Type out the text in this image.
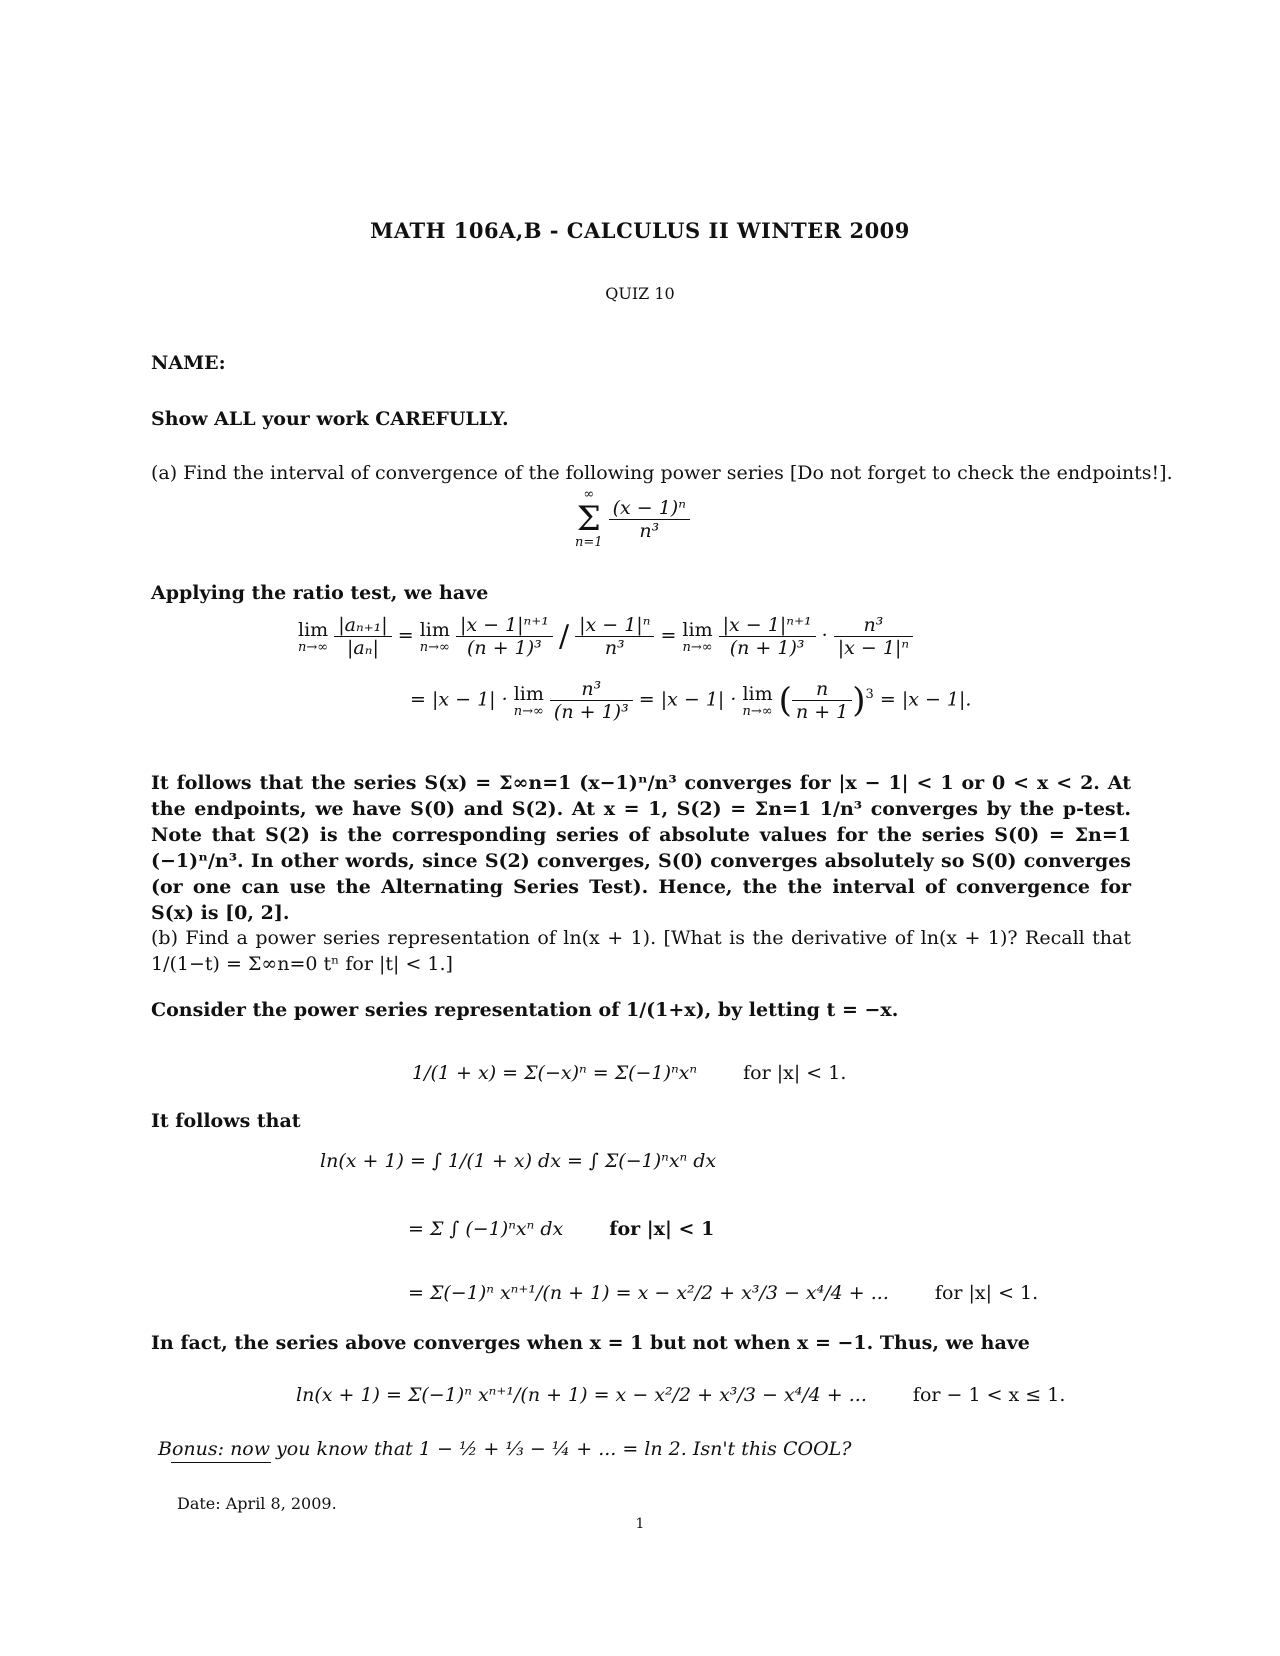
MATH 106A,B - CALCULUS II WINTER 2009
QUIZ 10
NAME:
Show ALL your work CAREFULLY.
(a) Find the interval of convergence of the following power series [Do not forget to check the endpoints!].
∞
Σ
n=1

$\frac{\text{(x − 1)ⁿ}}{\text{n³}}$
Applying the ratio test, we have
lim
n→∞
$\frac{\text{|aₙ₊₁|}}{\text{|aₙ|}} = \lim$
n→∞
$\frac{\text{|x − 1|ⁿ⁺¹}}{\text{(n + 1)³}} / \frac{\text{|x − 1|ⁿ}}{\text{n³}} = \lim$
n→∞
$\frac{\text{|x − 1|ⁿ⁺¹}}{\text{(n + 1)³}} \cdot \frac{\text{n³}}{\text{|x − 1|ⁿ}}$
= |x − 1| · lim
n→∞
$\frac{\text{n³}}{\text{(n + 1)³}} = |x - 1| \cdot \lim$
n→∞ ( $\frac{n}{n + 1} )^3 = |x - 1|$.
It follows that the series S(x) = Σ∞n=1 (x−1)ⁿ/n³ converges for |x − 1| < 1 or 0 < x < 2. At the endpoints, we have S(0) and S(2). At x = 1, S(2) = Σn=1 1/n³ converges by the p-test. Note that S(2) is the corresponding series of absolute values for the series S(0) = Σn=1 (−1)ⁿ/n³. In other words, since S(2) converges, S(0) converges absolutely so S(0) converges (or one can use the Alternating Series Test). Hence, the the interval of convergence for S(x) is [0, 2].
(b) Find a power series representation of ln(x + 1). [What is the derivative of ln(x + 1)? Recall that 1/(1−t) = Σ∞n=0 tⁿ for |t| < 1.]
Consider the power series representation of 1/(1+x), by letting t = −x.
1/(1 + x) = Σ(−x)ⁿ = Σ(−1)ⁿxⁿ for |x| < 1.
It follows that
ln(x + 1) = ∫ 1/(1 + x) dx = ∫ Σ(−1)ⁿxⁿ dx
= Σ ∫ (−1)ⁿxⁿ dx for |x| < 1
= Σ(−1)ⁿ xⁿ⁺¹/(n + 1) = x − x²/2 + x³/3 − x⁴/4 + ... for |x| < 1.
In fact, the series above converges when x = 1 but not when x = −1. Thus, we have
ln(x + 1) = Σ(−1)ⁿ xⁿ⁺¹/(n + 1) = x − x²/2 + x³/3 − x⁴/4 + ... for − 1 < x ≤ 1.
Bonus: now you know that 1 − ½ + ⅓ − ¼ + ... = ln 2. Isn't this COOL?
Date: April 8, 2009.
1
